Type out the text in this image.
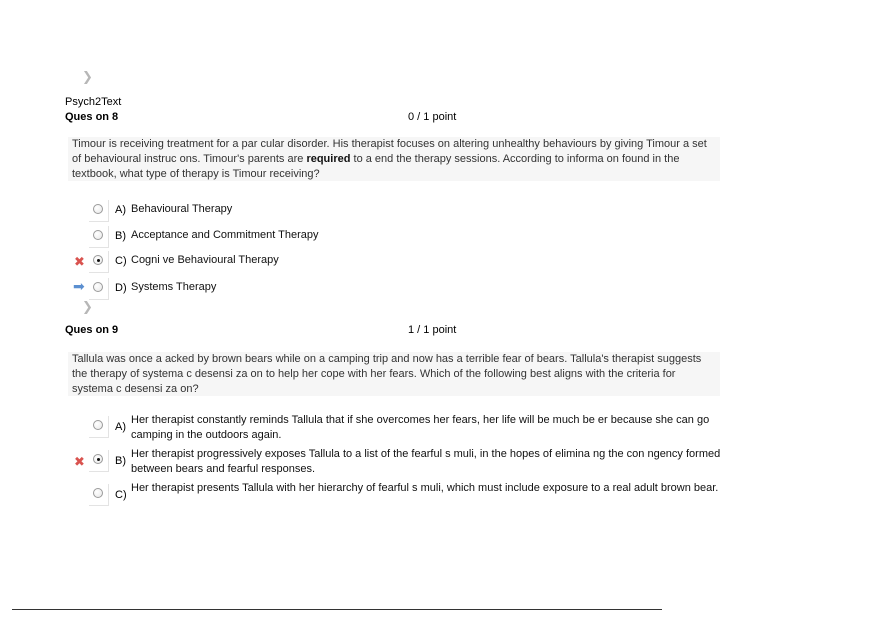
❯
Psych2Text
Ques on 8	0 / 1 point
Timour is receiving treatment for a par cular disorder. His therapist focuses on altering unhealthy behaviours by giving Timour a set of behavioural instruc ons. Timour's parents are required to a end the therapy sessions. According to informa on found in the textbook, what type of therapy is Timour receiving?
A) Behavioural Therapy
B) Acceptance and Commitment Therapy
✖	C) Cogni ve Behavioural Therapy
➡	D) Systems Therapy
❯
Ques on 9	1 / 1 point
Tallula was once a acked by brown bears while on a camping trip and now has a terrible fear of bears. Tallula's therapist suggests the therapy of systema c desensi za on to help her cope with her fears. Which of the following best aligns with the criteria for systema c desensi za on?
A)
Her therapist constantly reminds Tallula that if she overcomes her fears, her life will be much be er because she can go camping in the outdoors again.
✖	B)
Her therapist progressively exposes Tallula to a list of the fearful s muli, in the hopes of elimina ng the con ngency formed between bears and fearful responses.
C)
Her therapist presents Tallula with her hierarchy of fearful s muli, which must include exposure to a real adult brown bear.
